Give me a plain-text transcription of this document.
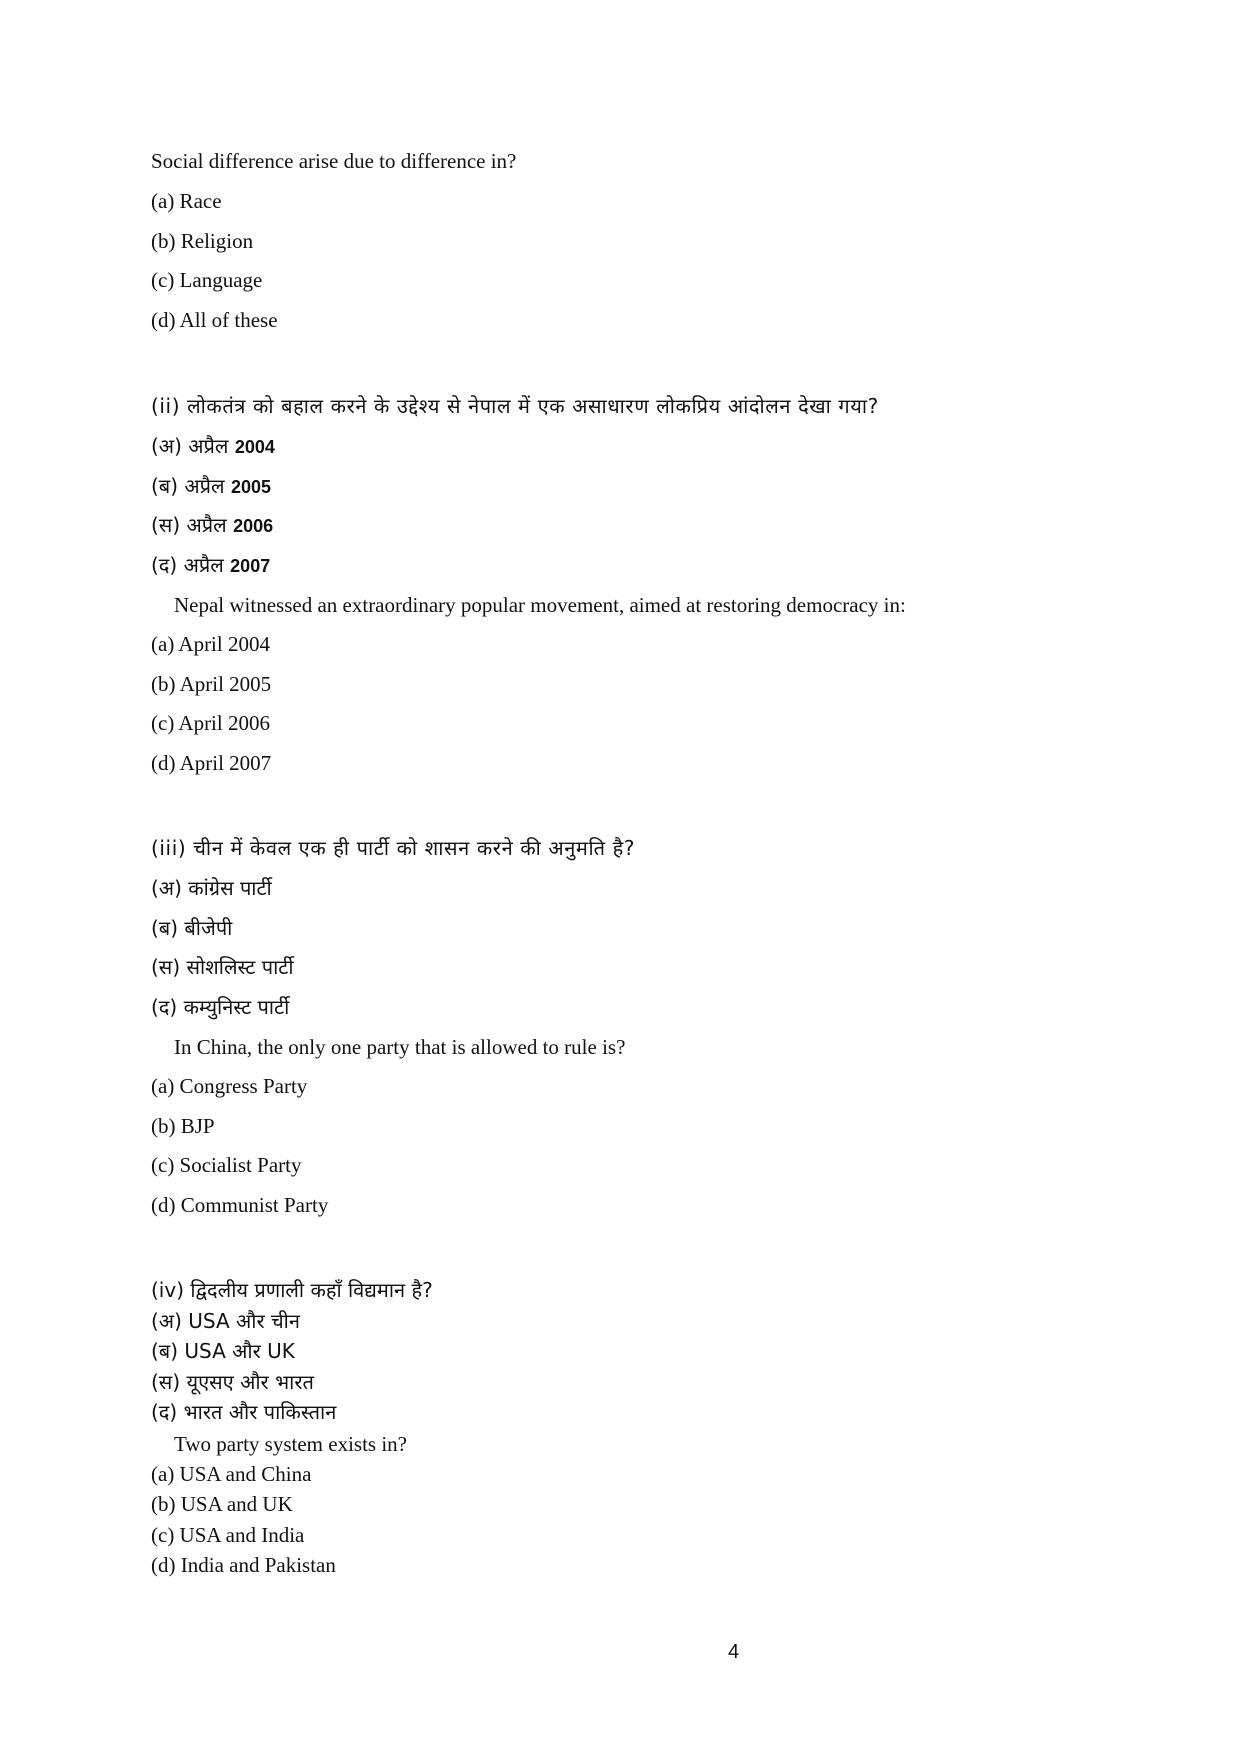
Social difference arise due to difference in?
(a) Race
(b) Religion
(c) Language
(d) All of these
(ii) लोकतंत्र को बहाल करने के उद्देश्य से नेपाल में एक असाधारण लोकप्रिय आंदोलन देखा गया?
(अ) अप्रैल 2004
(ब) अप्रैल 2005
(स) अप्रैल 2006
(द) अप्रैल 2007
Nepal witnessed an extraordinary popular movement, aimed at restoring democracy in:
(a) April 2004
(b) April 2005
(c) April 2006
(d) April 2007
(iii) चीन में केवल एक ही पार्टी को शासन करने की अनुमति है?
(अ) कांग्रेस पार्टी
(ब) बीजेपी
(स) सोशलिस्ट पार्टी
(द) कम्युनिस्ट पार्टी
In China, the only one party that is allowed to rule is?
(a) Congress Party
(b) BJP
(c) Socialist Party
(d) Communist Party
(iv) द्विदलीय प्रणाली कहाँ विद्यमान है?
(अ) USA और चीन
(ब) USA और UK
(स) यूएसए और भारत
(द) भारत और पाकिस्तान
Two party system exists in?
(a) USA and China
(b) USA and UK
(c) USA and India
(d) India and Pakistan
4
